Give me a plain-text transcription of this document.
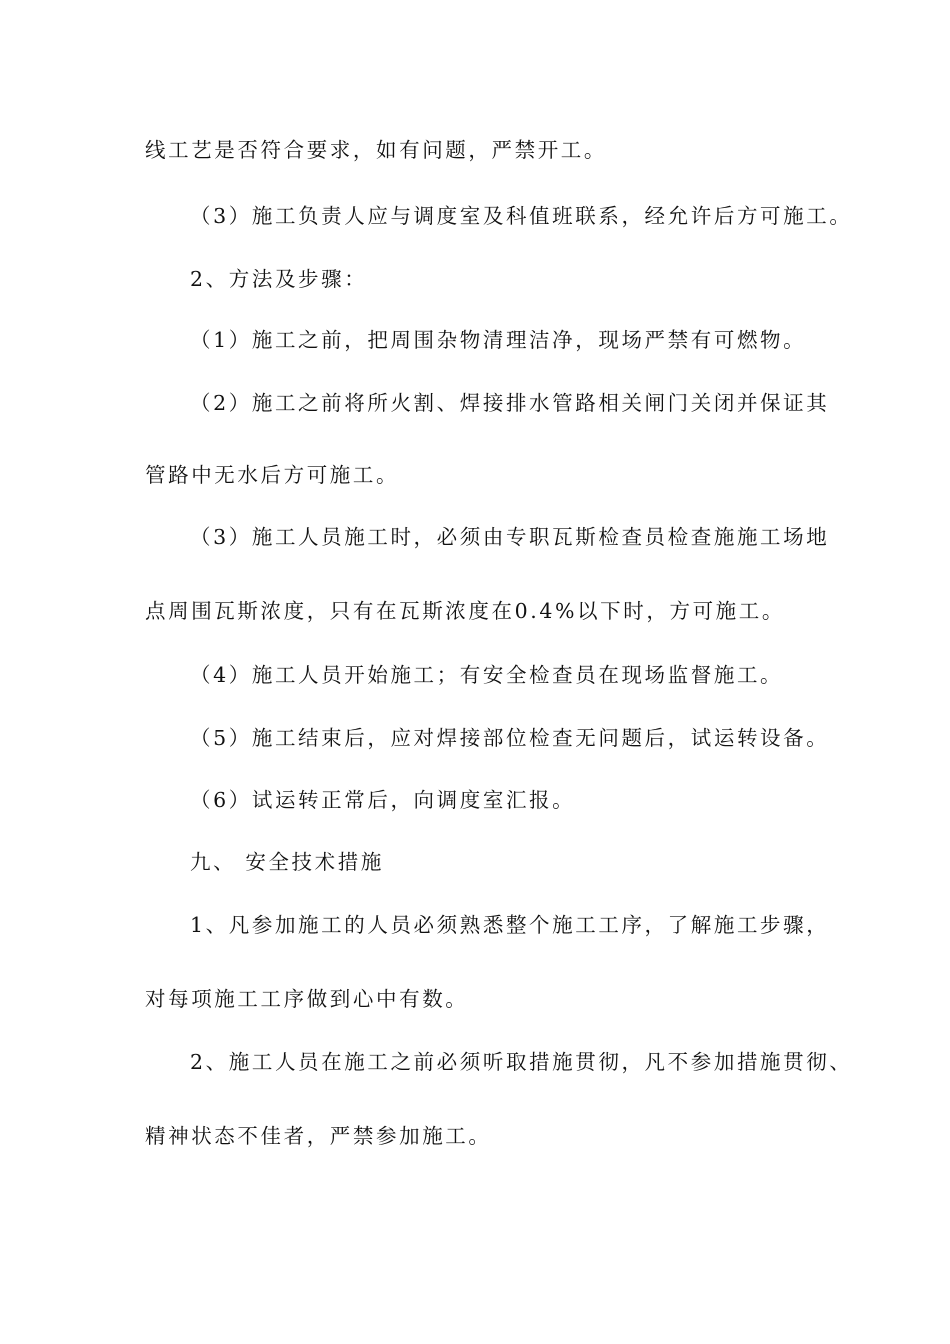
线工艺是否符合要求，如有问题，严禁开工。
（3）施工负责人应与调度室及科值班联系，经允许后方可施工。
2、方法及步骤：
（1）施工之前，把周围杂物清理洁净，现场严禁有可燃物。
（2）施工之前将所火割、焊接排水管路相关闸门关闭并保证其
管路中无水后方可施工。
（3）施工人员施工时，必须由专职瓦斯检查员检查施施工场地
点周围瓦斯浓度，只有在瓦斯浓度在0.4%以下时，方可施工。
（4）施工人员开始施工；有安全检查员在现场监督施工。
（5）施工结束后，应对焊接部位检查无问题后，试运转设备。
（6）试运转正常后，向调度室汇报。
九、 安全技术措施
1、凡参加施工的人员必须熟悉整个施工工序，了解施工步骤，
对每项施工工序做到心中有数。
2、施工人员在施工之前必须听取措施贯彻，凡不参加措施贯彻、
精神状态不佳者，严禁参加施工。
